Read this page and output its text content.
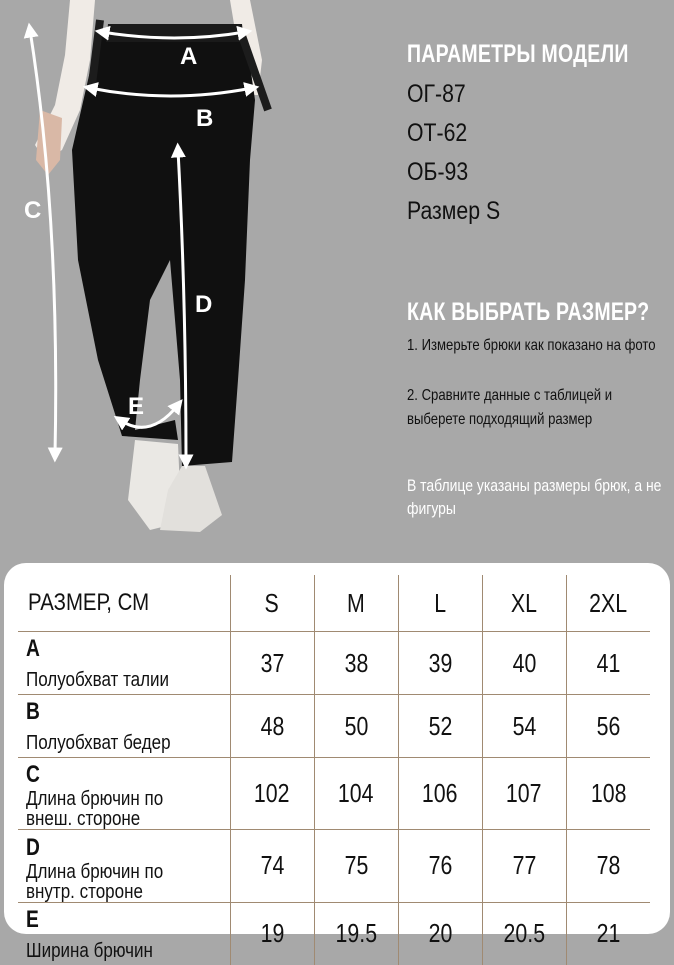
A
B
C
D
E
ПАРАМЕТРЫ МОДЕЛИ
ОГ-87
ОТ-62
ОБ-93
Размер S
КАК ВЫБРАТЬ РАЗМЕР?
1. Измерьте брюки как показано на фото
2. Сравните данные с таблицей и выберете подходящий размер
В таблице указаны размеры брюк, а не фигуры
РАЗМЕР, СМ	S	M	L	XL	2XL
AПолуобхват талии	37	38	39	40	41
BПолуобхват бедер	48	50	52	54	56
CДлина брючин по внеш. стороне	102	104	106	107	108
DДлина брючин по внутр. стороне	74	75	76	77	78
EШирина брючин	19	19.5	20	20.5	21
